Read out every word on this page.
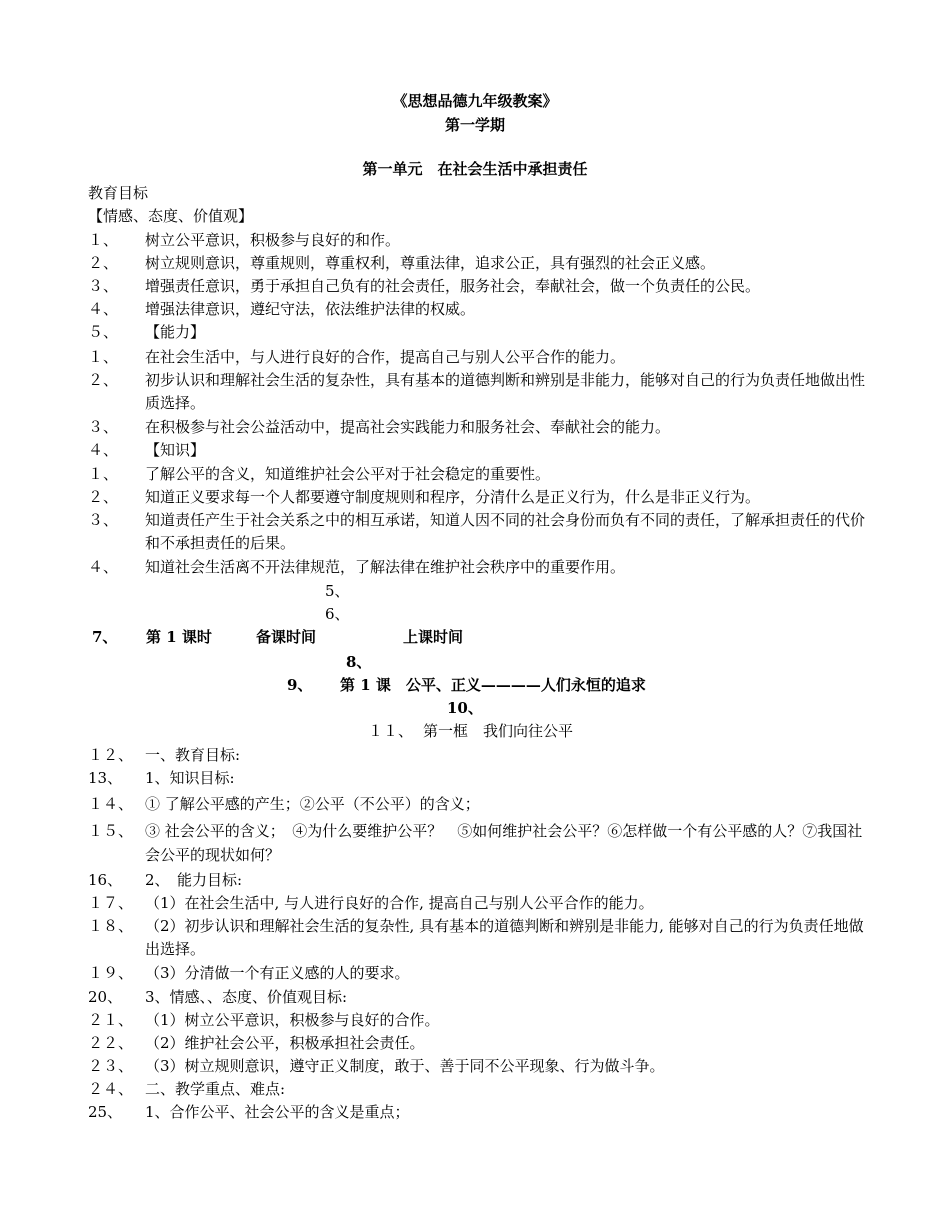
《思想品德九年级教案》
第一学期
第一单元　在社会生活中承担责任
教育目标
【情感、态度、价值观】
１、	树立公平意识，积极参与良好的和作。
２、	树立规则意识，尊重规则，尊重权利，尊重法律，追求公正，具有强烈的社会正义感。
３、	增强责任意识，勇于承担自己负有的社会责任，服务社会，奉献社会，做一个负责任的公民。
４、	增强法律意识，遵纪守法，依法维护法律的权威。
５、	【能力】
１、	在社会生活中，与人进行良好的合作，提高自己与别人公平合作的能力。
２、	初步认识和理解社会生活的复杂性，具有基本的道德判断和辨别是非能力，能够对自己的行为负责任地做出性质选择。
３、	在积极参与社会公益活动中，提高社会实践能力和服务社会、奉献社会的能力。
４、	【知识】
１、	了解公平的含义，知道维护社会公平对于社会稳定的重要性。
２、	知道正义要求每一个人都要遵守制度规则和程序，分清什么是正义行为，什么是非正义行为。
３、	知道责任产生于社会关系之中的相互承诺，知道人因不同的社会身份而负有不同的责任，了解承担责任的代价和不承担责任的后果。
４、	知道社会生活离不开法律规范，了解法律在维护社会秩序中的重要作用。
5、
6、
7、 第 1 课时	备课时间	上课时间
8、
9、 第 1 课　公平、正义————人们永恒的追求
10、
１１、 第一框　我们向往公平
１２、 一、教育目标:
13、	1、知识目标:
１４、 ① 了解公平感的产生；②公平（不公平）的含义；
１５、 ③ 社会公平的含义；　④为什么要维护公平？　⑤如何维护社会公平？⑥怎样做一个有公平感的人？⑦我国社会公平的现状如何？
16、	2、　能力目标:
１７、 （1）在社会生活中, 与人进行良好的合作, 提高自己与别人公平合作的能力。
１８、 （2）初步认识和理解社会生活的复杂性, 具有基本的道德判断和辨别是非能力, 能够对自己的行为负责任地做出选择。
１９、 （3）分清做一个有正义感的人的要求。
20、	3、情感、、态度、价值观目标:
２１、 （1）树立公平意识，积极参与良好的合作。
２２、 （2）维护社会公平，积极承担社会责任。
２３、 （3）树立规则意识，遵守正义制度，敢于、善于同不公平现象、行为做斗争。
２４、 二、教学重点、难点:
25、	1、合作公平、社会公平的含义是重点；
